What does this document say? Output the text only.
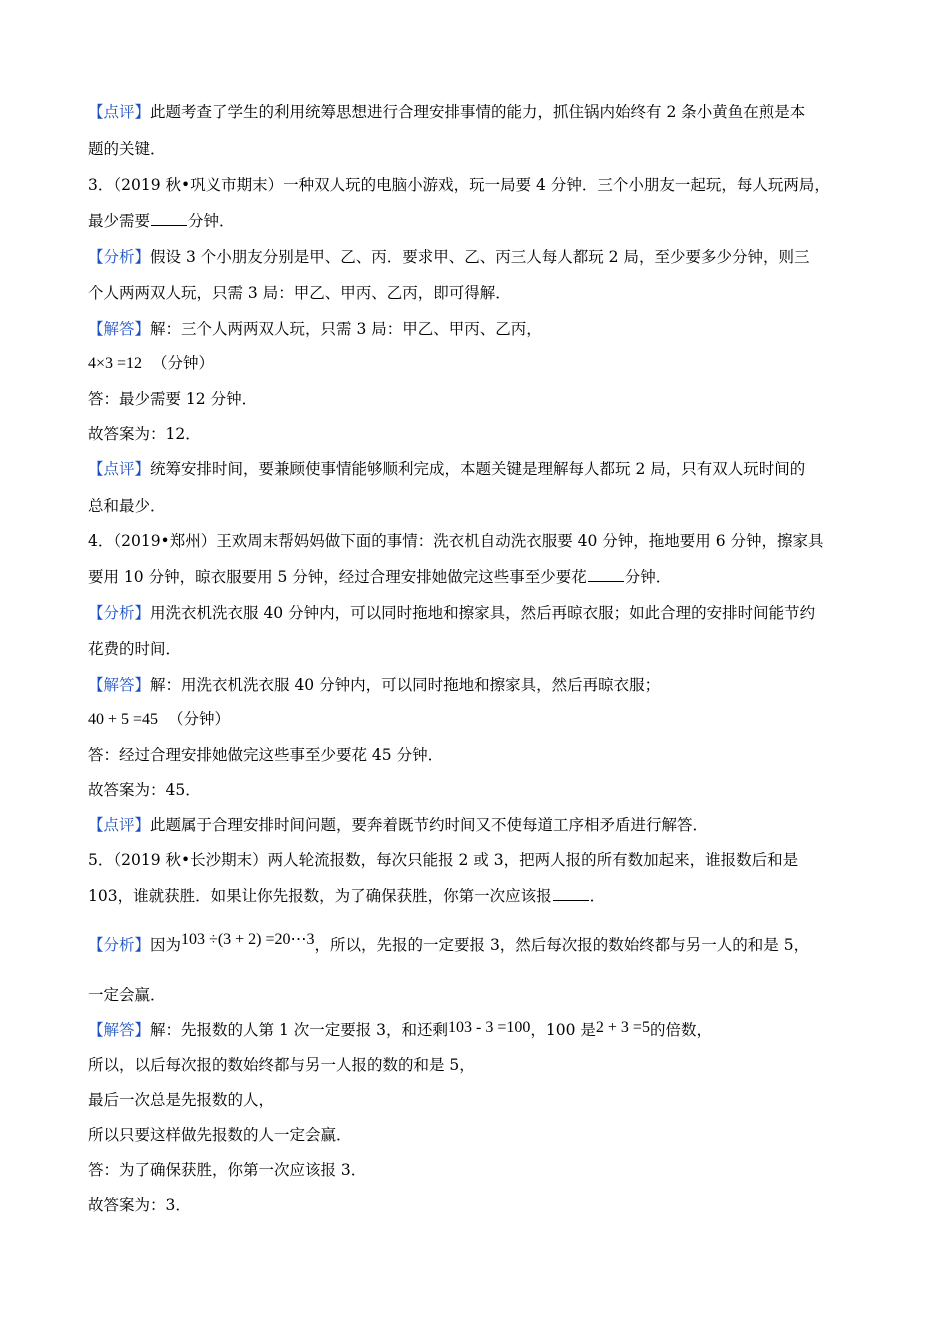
【点评】此题考查了学生的利用统筹思想进行合理安排事情的能力，抓住锅内始终有 2 条小黄鱼在煎是本
题的关键．
3．（2019 秋•巩义市期末）一种双人玩的电脑小游戏，玩一局要 4 分钟．三个小朋友一起玩，每人玩两局，
最少需要 分钟．
【分析】假设 3 个小朋友分别是甲、乙、丙．要求甲、乙、丙三人每人都玩 2 局，至少要多少分钟，则三
个人两两双人玩，只需 3 局：甲乙、甲丙、乙丙，即可得解．
【解答】解：三个人两两双人玩，只需 3 局：甲乙、甲丙、乙丙，
4×3 =12 （分钟）
答：最少需要 12 分钟．
故答案为：12．
【点评】统筹安排时间，要兼顾使事情能够顺利完成，本题关键是理解每人都玩 2 局，只有双人玩时间的
总和最少．
4．（2019•郑州）王欢周末帮妈妈做下面的事情：洗衣机自动洗衣服要 40 分钟，拖地要用 6 分钟，擦家具
要用 10 分钟，晾衣服要用 5 分钟，经过合理安排她做完这些事至少要花 分钟．
【分析】用洗衣机洗衣服 40 分钟内，可以同时拖地和擦家具，然后再晾衣服；如此合理的安排时间能节约
花费的时间．
【解答】解：用洗衣机洗衣服 40 分钟内，可以同时拖地和擦家具，然后再晾衣服；
40 + 5 =45 （分钟）
答：经过合理安排她做完这些事至少要花 45 分钟．
故答案为：45．
【点评】此题属于合理安排时间问题，要奔着既节约时间又不使每道工序相矛盾进行解答．
5．（2019 秋•长沙期末）两人轮流报数，每次只能报 2 或 3，把两人报的所有数加起来，谁报数后和是
103，谁就获胜．如果让你先报数，为了确保获胜，你第一次应该报 ．
【分析】因为103 ÷(3 + 2) =20⋯3，所以，先报的一定要报 3，然后每次报的数始终都与另一人的和是 5，
一定会赢．
【解答】解：先报数的人第 1 次一定要报 3，和还剩103 - 3 =100，100 是2 + 3 =5的倍数，
所以，以后每次报的数始终都与另一人报的数的和是 5，
最后一次总是先报数的人，
所以只要这样做先报数的人一定会赢．
答：为了确保获胜，你第一次应该报 3．
故答案为：3．
